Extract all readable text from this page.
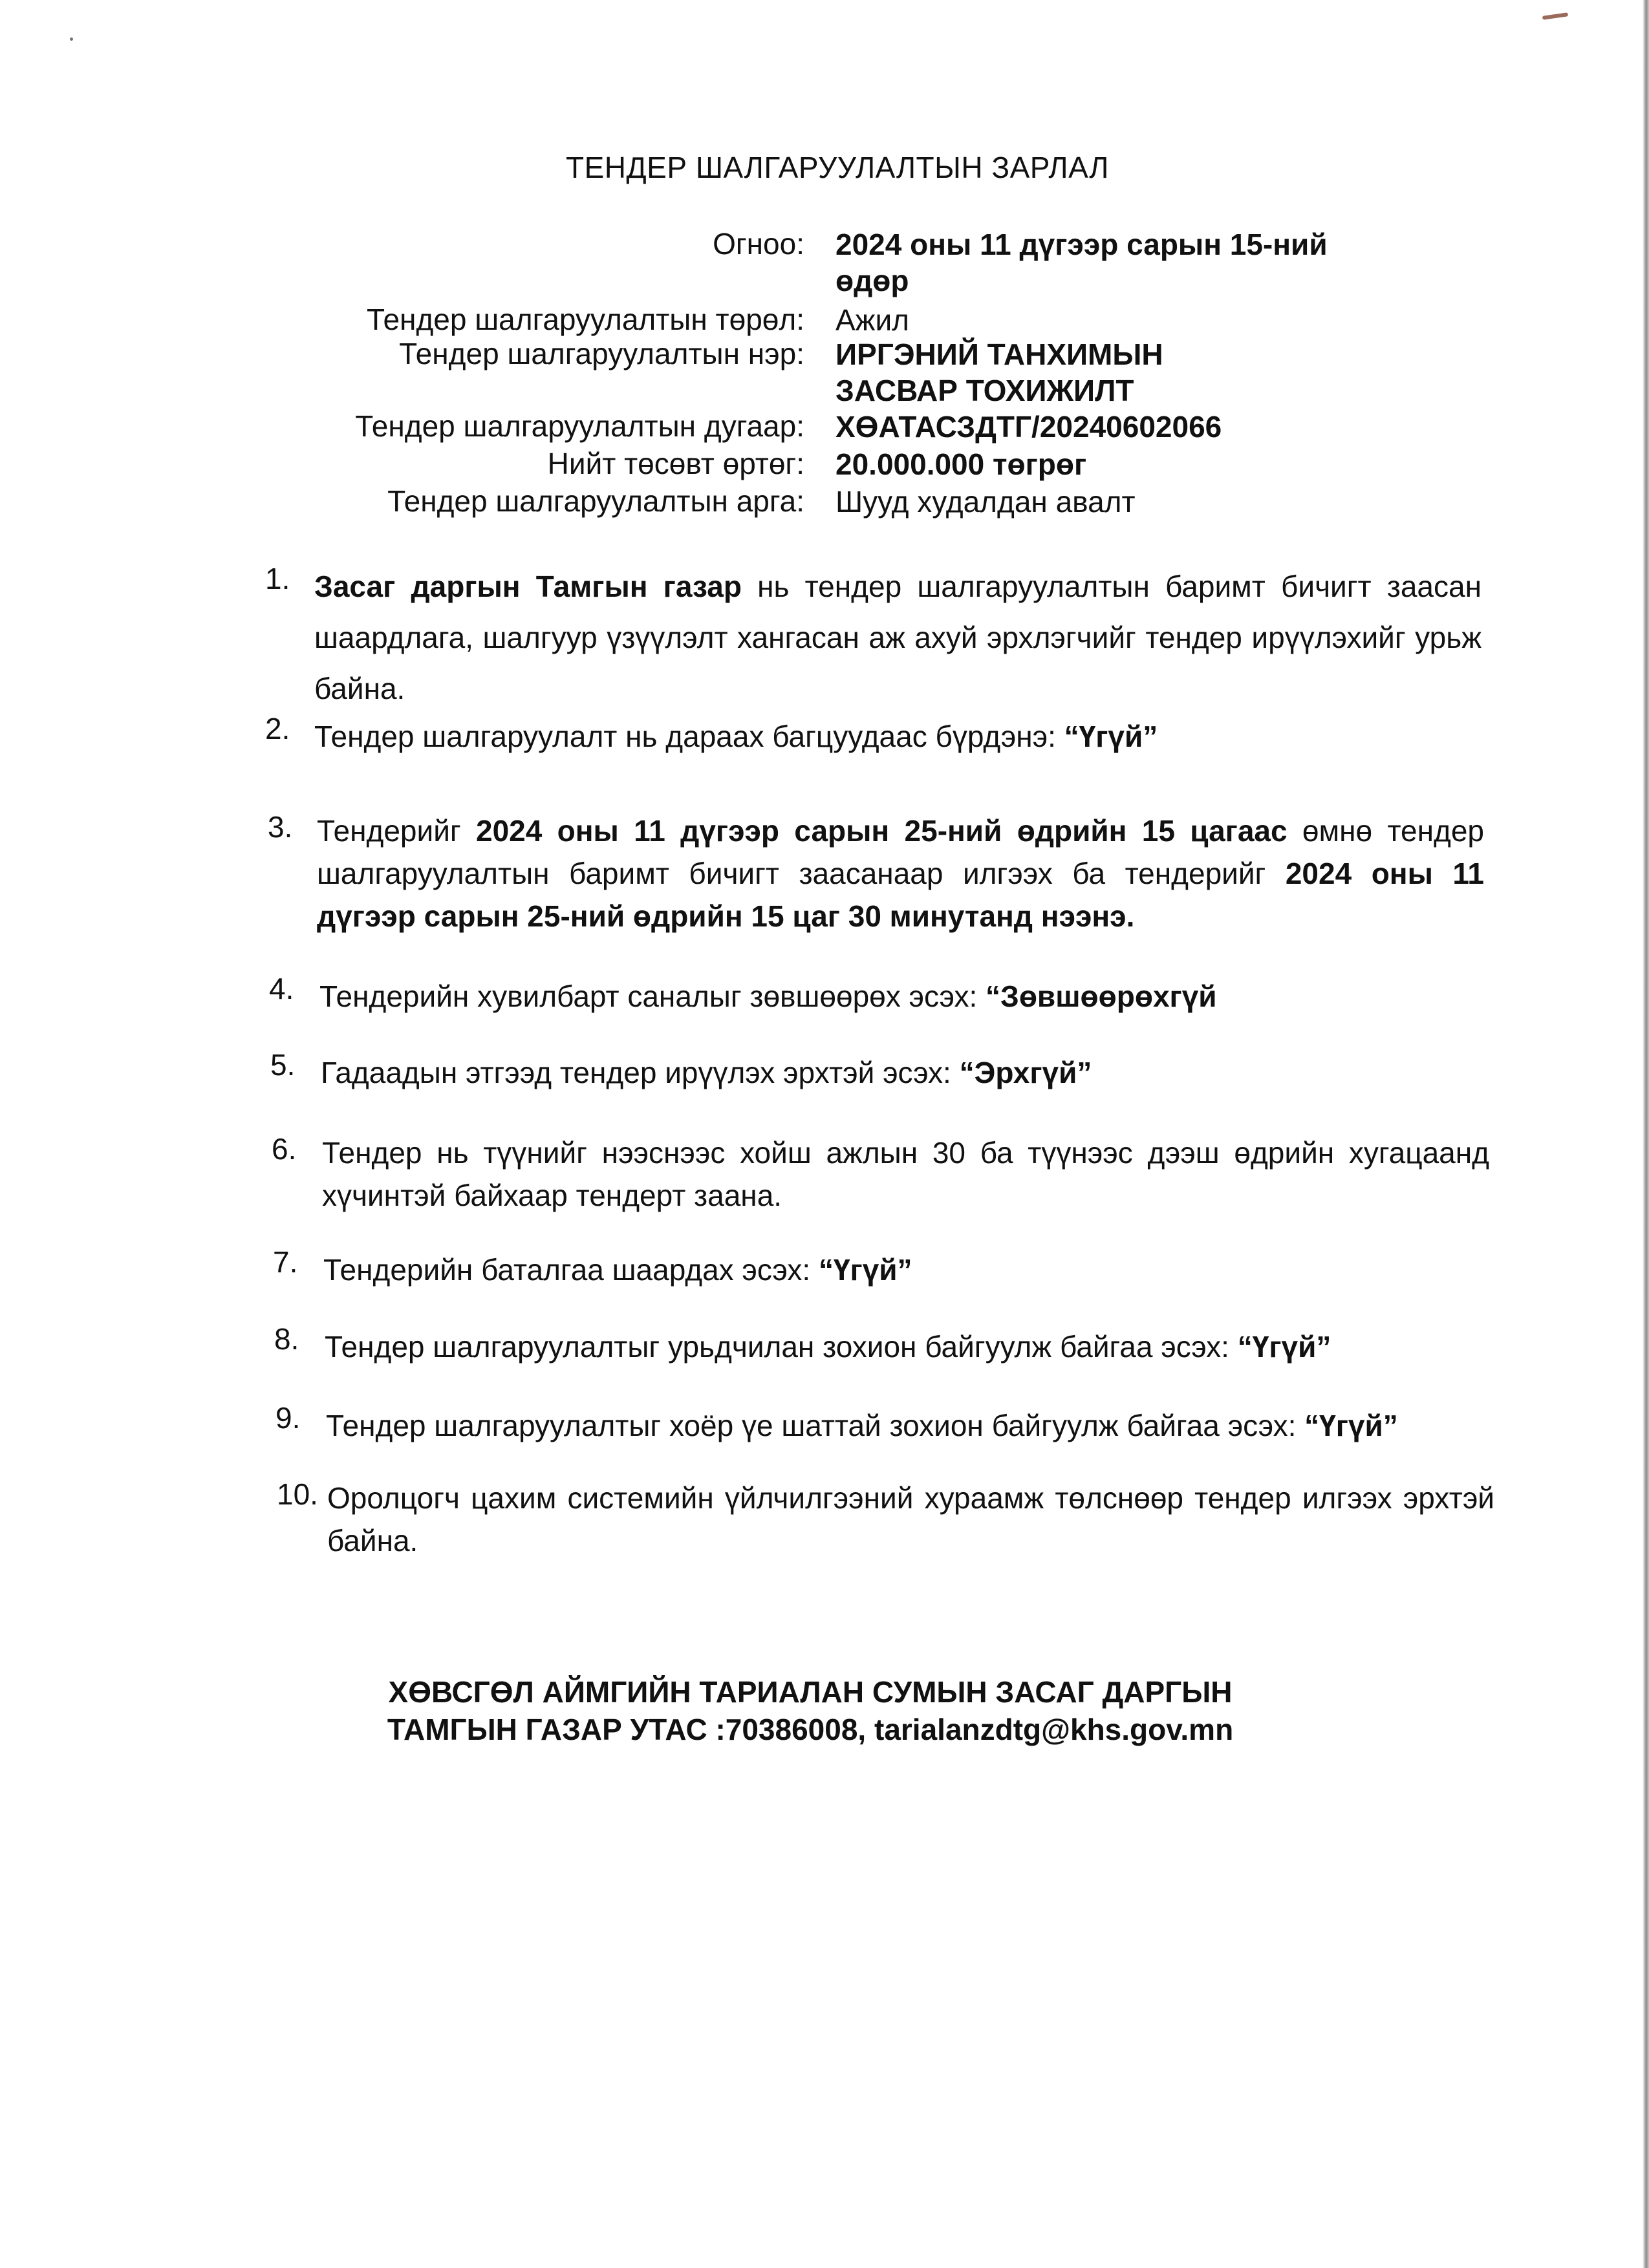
ТЕНДЕР ШАЛГАРУУЛАЛТЫН ЗАРЛАЛ
Огноо: 2024 оны 11 дүгээр сарын 15-ний өдөр
Тендер шалгаруулалтын төрөл: Ажил
Тендер шалгаруулалтын нэр: ИРГЭНИЙ ТАНХИМЫН ЗАСВАР ТОХИЖИЛТ
Тендер шалгаруулалтын дугаар: ХӨАТАСЗДТГ/20240602066
Нийт төсөвт өртөг: 20.000.000 төгрөг
Тендер шалгаруулалтын арга: Шууд худалдан авалт
1. Засаг даргын Тамгын газар нь тендер шалгаруулалтын баримт бичигт заасан шаардлага, шалгуур үзүүлэлт хангасан аж ахуй эрхлэгчийг тендер ирүүлэхийг урьж байна.
2. Тендер шалгаруулалт нь дараах багцуудаас бүрдэнэ: “Үгүй”
3. Тендерийг 2024 оны 11 дүгээр сарын 25-ний өдрийн 15 цагаас өмнө тендер шалгаруулалтын баримт бичигт заасанаар илгээх ба тендерийг 2024 оны 11 дүгээр сарын 25-ний өдрийн 15 цаг 30 минутанд нээнэ.
4. Тендерийн хувилбарт саналыг зөвшөөрөх эсэх: “Зөвшөөрөхгүй
5. Гадаадын этгээд тендер ирүүлэх эрхтэй эсэх: “Эрхгүй”
6. Тендер нь түүнийг нээснээс хойш ажлын 30 ба түүнээс дээш өдрийн хугацаанд хүчинтэй байхаар тендерт заана.
7. Тендерийн баталгаа шаардах эсэх: “Үгүй”
8. Тендер шалгаруулалтыг урьдчилан зохион байгуулж байгаа эсэх: “Үгүй”
9. Тендер шалгаруулалтыг хоёр үе шаттай зохион байгуулж байгаа эсэх: “Үгүй”
10. Оролцогч цахим системийн үйлчилгээний хураамж төлснөөр тендер илгээх эрхтэй байна.
ХӨВСГӨЛ АЙМГИЙН ТАРИАЛАН СУМЫН ЗАСАГ ДАРГЫН
ТАМГЫН ГАЗАР УТАС :70386008, tarialanzdtg@khs.gov.mn
